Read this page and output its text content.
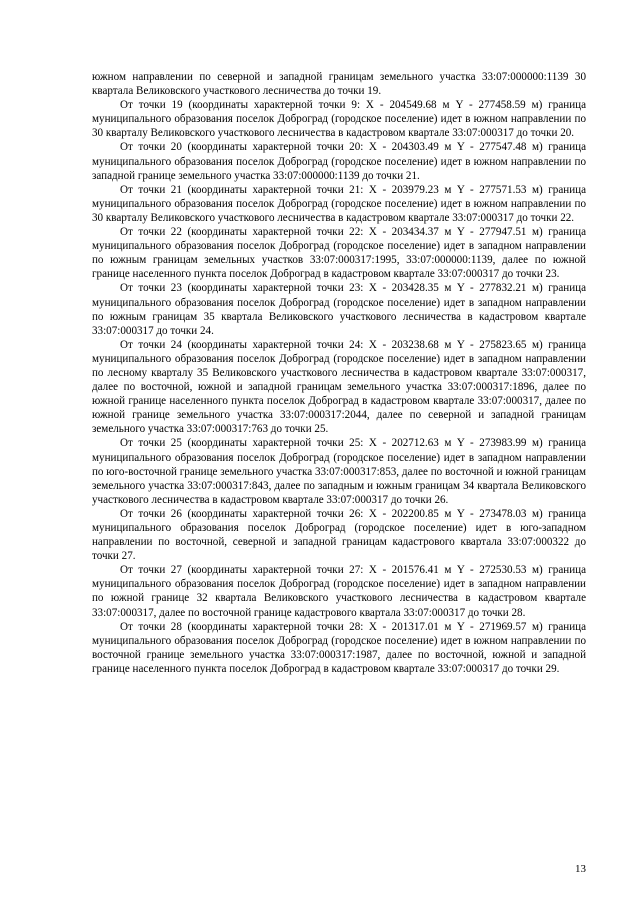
южном направлении по северной и западной границам земельного участка 33:07:000000:1139 30 квартала Великовского участкового лесничества до точки 19.

От точки 19 (координаты характерной точки 9: X - 204549.68 м Y - 277458.59 м) граница муниципального образования поселок Доброград (городское поселение) идет в южном направлении по 30 кварталу Великовского участкового лесничества в кадастровом квартале 33:07:000317 до точки 20.

От точки 20 (координаты характерной точки 20: X - 204303.49 м Y - 277547.48 м) граница муниципального образования поселок Доброград (городское поселение) идет в южном направлении по западной границе земельного участка 33:07:000000:1139 до точки 21.

От точки 21 (координаты характерной точки 21: X - 203979.23 м Y - 277571.53 м) граница муниципального образования поселок Доброград (городское поселение) идет в южном направлении по 30 кварталу Великовского участкового лесничества в кадастровом квартале 33:07:000317 до точки 22.

От точки 22 (координаты характерной точки 22: X - 203434.37 м Y - 277947.51 м) граница муниципального образования поселок Доброград (городское поселение) идет в западном направлении по южным границам земельных участков 33:07:000317:1995, 33:07:000000:1139, далее по южной границе населенного пункта поселок Доброград в кадастровом квартале 33:07:000317 до точки 23.

От точки 23 (координаты характерной точки 23: X - 203428.35 м Y - 277832.21 м) граница муниципального образования поселок Доброград (городское поселение) идет в западном направлении по южным границам 35 квартала Великовского участкового лесничества в кадастровом квартале 33:07:000317 до точки 24.

От точки 24 (координаты характерной точки 24: X - 203238.68 м Y - 275823.65 м) граница муниципального образования поселок Доброград (городское поселение) идет в западном направлении по лесному кварталу 35 Великовского участкового лесничества в кадастровом квартале 33:07:000317, далее по восточной, южной и западной границам земельного участка 33:07:000317:1896, далее по южной границе населенного пункта поселок Доброград в кадастровом квартале 33:07:000317, далее по южной границе земельного участка 33:07:000317:2044, далее по северной и западной границам земельного участка 33:07:000317:763 до точки 25.

От точки 25 (координаты характерной точки 25: X - 202712.63 м Y - 273983.99 м) граница муниципального образования поселок Доброград (городское поселение) идет в западном направлении по юго-восточной границе земельного участка 33:07:000317:853, далее по восточной и южной границам земельного участка 33:07:000317:843, далее по западным и южным границам 34 квартала Великовского участкового лесничества в кадастровом квартале 33:07:000317 до точки 26.

От точки 26 (координаты характерной точки 26: X - 202200.85 м Y - 273478.03 м) граница муниципального образования поселок Доброград (городское поселение) идет в юго-западном направлении по восточной, северной и западной границам кадастрового квартала 33:07:000322 до точки 27.

От точки 27 (координаты характерной точки 27: X - 201576.41 м Y - 272530.53 м) граница муниципального образования поселок Доброград (городское поселение) идет в западном направлении по южной границе 32 квартала Великовского участкового лесничества в кадастровом квартале 33:07:000317, далее по восточной границе кадастрового квартала 33:07:000317 до точки 28.

От точки 28 (координаты характерной точки 28: X - 201317.01 м Y - 271969.57 м) граница муниципального образования поселок Доброград (городское поселение) идет в южном направлении по восточной границе земельного участка 33:07:000317:1987, далее по восточной, южной и западной границе населенного пункта поселок Доброград в кадастровом квартале 33:07:000317 до точки 29.

13
